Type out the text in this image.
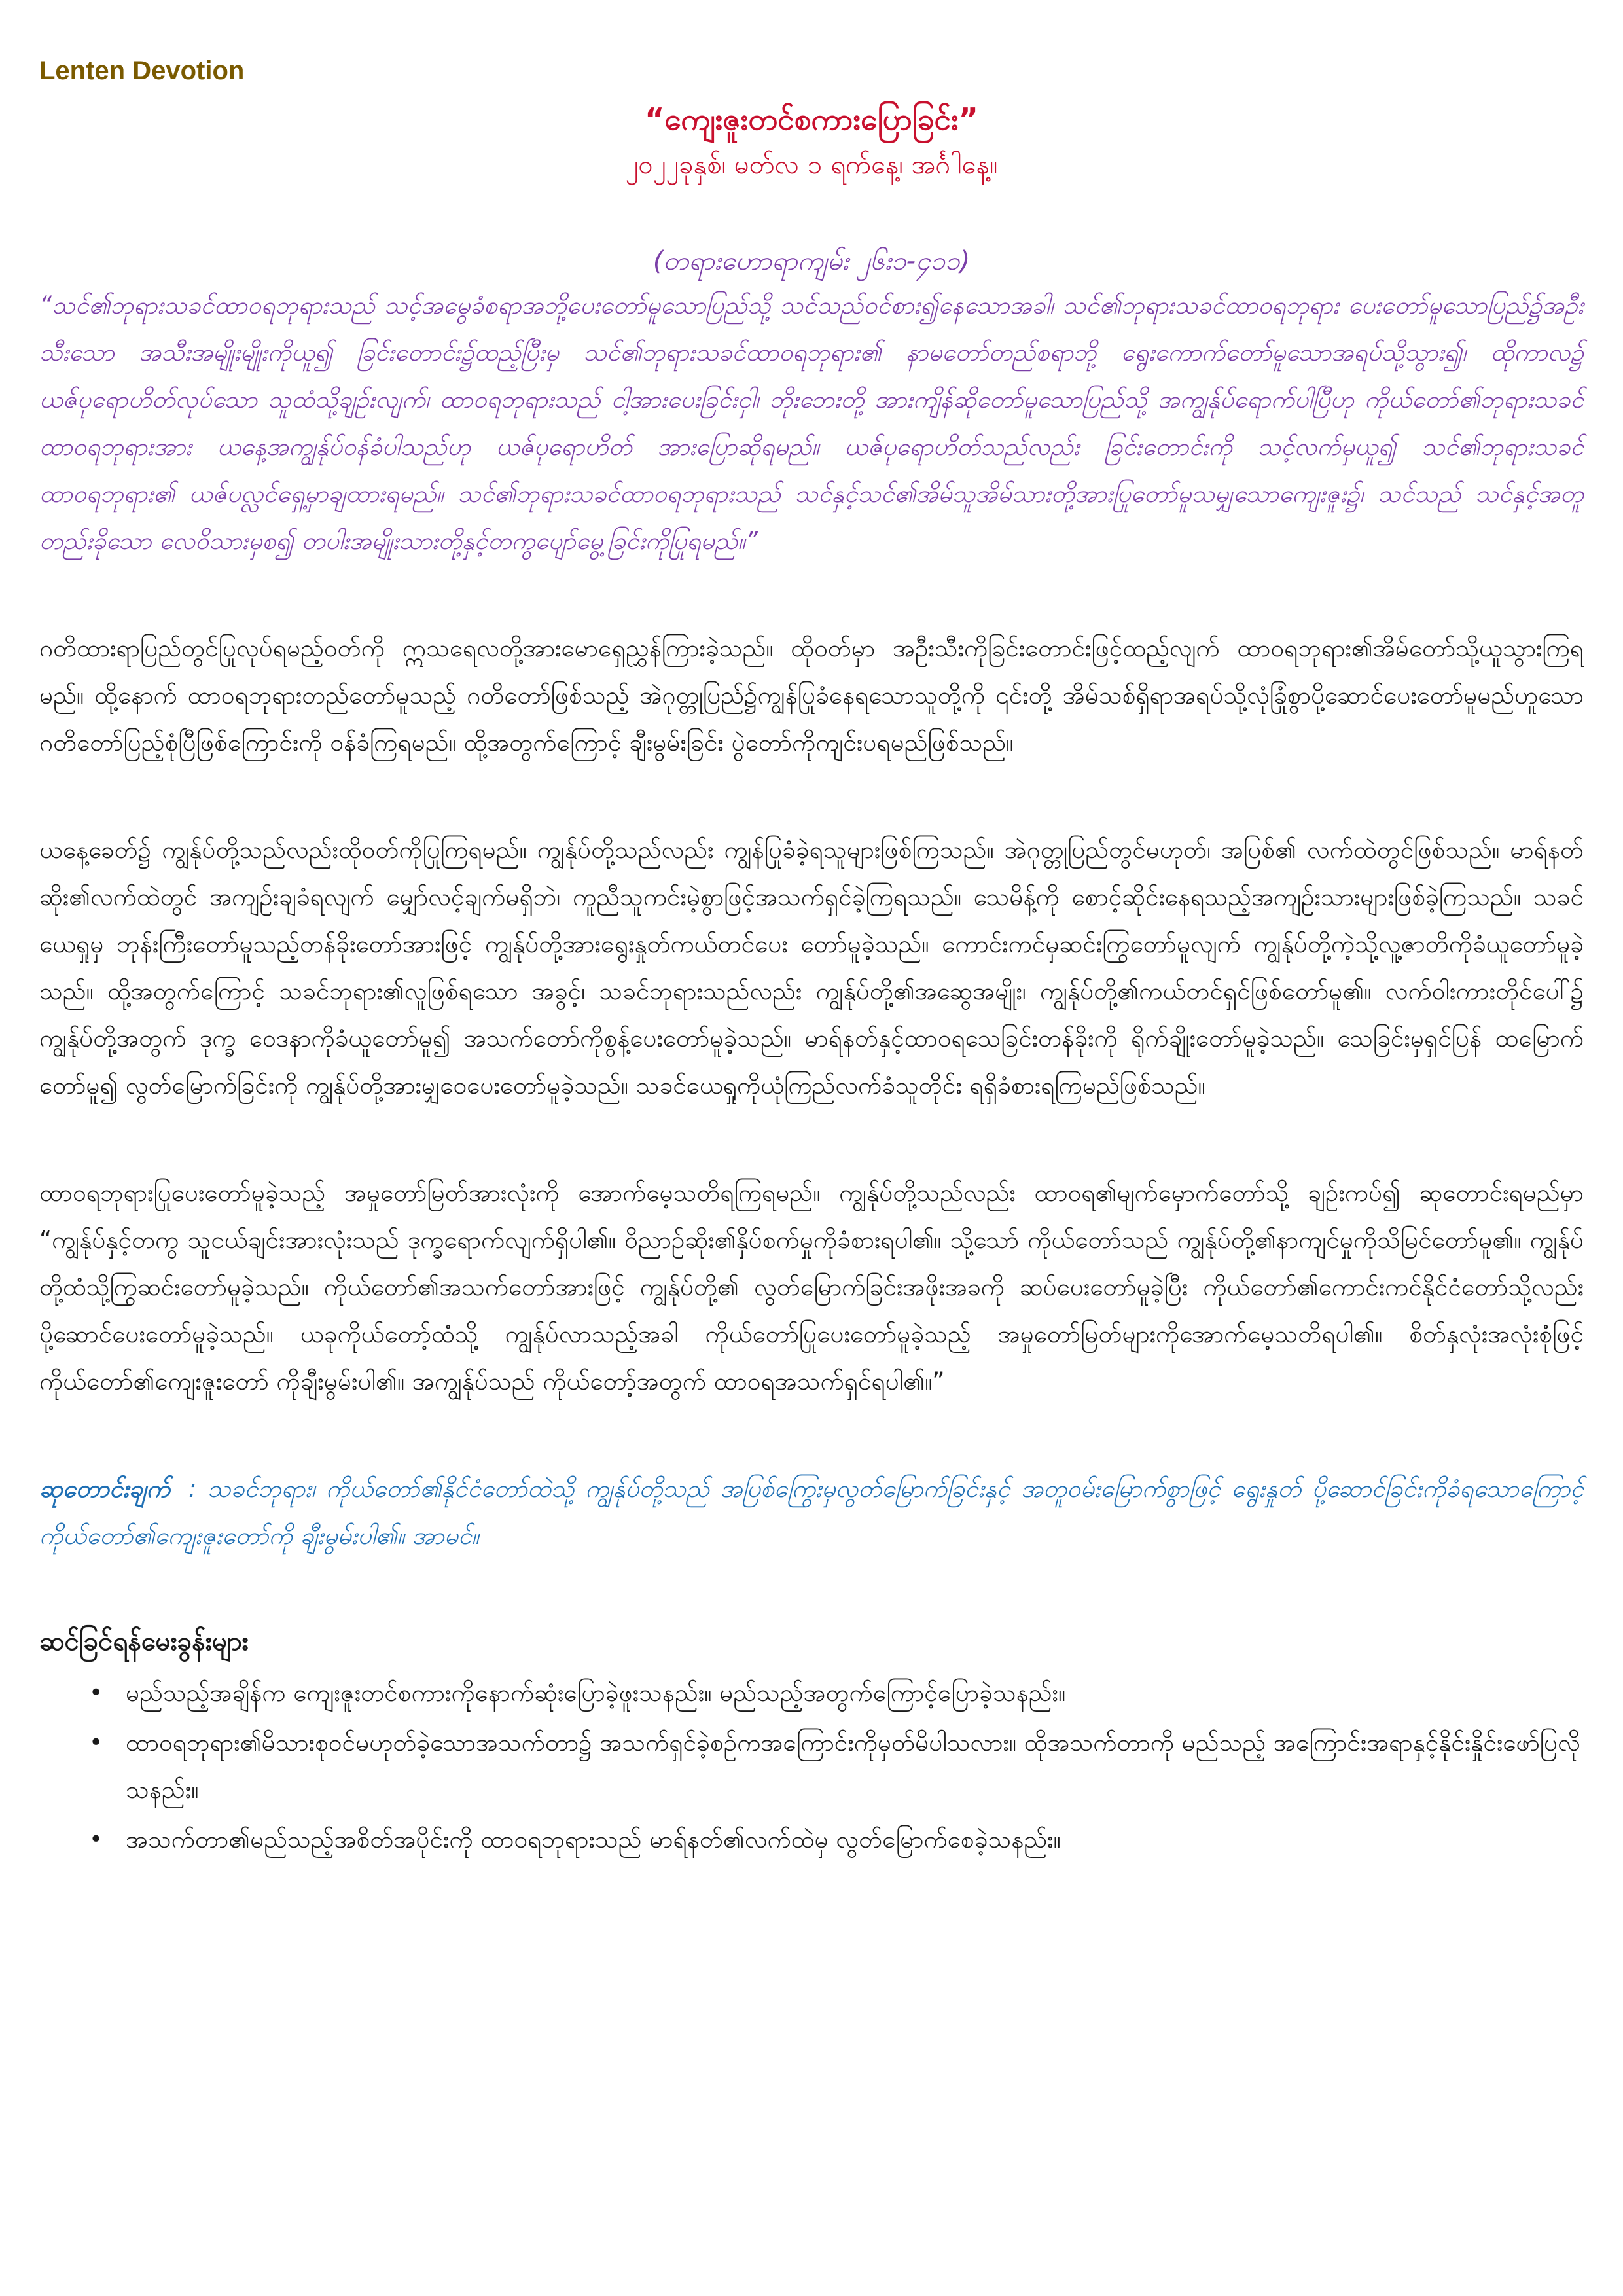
Lenten Devotion
“ကျေးဇူးတင်စကားပြောခြင်း”
၂၀၂၂ခုနှစ်၊ မတ်လ ၁ ရက်နေ့၊ အင်္ဂါနေ့။
(တရားဟောရာကျမ်း ၂၆း၁-၄၁၁)

“သင်၏ဘုရားသခင်ထာဝရဘုရားသည် သင့်အမွေခံစရာအဘို့ပေးတော်မူသောပြည်သို့ သင်သည်ဝင်စား၍နေသောအခါ၊ သင်၏ဘုရားသခင်ထာဝရဘုရား ပေးတော်မူသောပြည်၌အဦးသီးသော အသီးအမျိုးမျိုးကိုယူ၍ ခြင်းတောင်း၌ထည့်ပြီးမှ သင်၏ဘုရားသခင်ထာဝရဘုရား၏ နာမတော်တည်စရာဘို့ ရွေးကောက်တော်မူသောအရပ်သို့သွား၍၊ ထိုကာလ၌ ယဇ်ပုရောဟိတ်လုပ်သော သူထံသို့ချဉ်းလျက်၊ ထာဝရဘုရားသည် ငါ့အားပေးခြင်းငှါ၊ ဘိုးဘေးတို့ အားကျိန်ဆိုတော်မူသောပြည်သို့ အကျွန်ုပ်ရောက်ပါပြီဟု ကိုယ်တော်၏ဘုရားသခင်ထာဝရဘုရားအား ယနေ့အကျွန်ုပ်ဝန်ခံပါသည်ဟု ယဇ်ပုရောဟိတ် အားပြောဆိုရမည်။ ယဇ်ပုရောဟိတ်သည်လည်း ခြင်းတောင်းကို သင့်လက်မှယူ၍ သင်၏ဘုရားသခင်ထာဝရဘုရား၏ ယဇ်ပလ္လင်ရှေ့မှာချထားရမည်။ သင်၏ဘုရားသခင်ထာဝရဘုရားသည် သင်နှင့်သင်၏အိမ်သူအိမ်သားတို့အားပြုတော်မူသမျှသောကျေးဇူး၌၊ သင်သည် သင်နှင့်အတူတည်းခိုသော လေဝိသားမှစ၍ တပါးအမျိုးသားတို့နှင့်တကွပျော်မွေ့ခြင်းကိုပြုရမည်။”

ဂတိထားရာပြည်တွင်ပြုလုပ်ရမည့်ဝတ်ကို ဣသရေလတို့အားမောရှေညွှန်ကြားခဲ့သည်။ ထိုဝတ်မှာ အဦးသီးကိုခြင်းတောင်းဖြင့်ထည့်လျက် ထာဝရဘုရား၏အိမ်တော်သို့ယူသွားကြရမည်။ ထို့နောက် ထာဝရဘုရားတည်တော်မူသည့် ဂတိတော်ဖြစ်သည့် အဲဂုတ္တုပြည်၌ကျွန်ပြုခံနေရသောသူတို့ကို ၎င်းတို့ အိမ်သစ်ရှိရာအရပ်သို့လုံခြုံစွာပို့ဆောင်ပေးတော်မူမည်ဟူသော ဂတိတော်ပြည့်စုံပြီဖြစ်ကြောင်းကို ဝန်ခံကြရမည်။ ထို့အတွက်ကြောင့် ချီးမွမ်းခြင်း ပွဲတော်ကိုကျင်းပရမည်ဖြစ်သည်။

ယနေ့ခေတ်၌ ကျွန်ုပ်တို့သည်လည်းထိုဝတ်ကိုပြုကြရမည်။ ကျွန်ုပ်တို့သည်လည်း ကျွန်ပြုခံခဲ့ရသူများဖြစ်ကြသည်။ အဲဂုတ္တုပြည်တွင်မဟုတ်၊ အပြစ်၏ လက်ထဲတွင်ဖြစ်သည်။ မာရ်နတ်ဆိုး၏လက်ထဲတွင် အကျဉ်းချခံရလျက် မျှော်လင့်ချက်မရှိဘဲ၊ ကူညီသူကင်းမဲ့စွာဖြင့်အသက်ရှင်ခဲ့ကြရသည်။ သေမိန့်ကို စောင့်ဆိုင်းနေရသည့်အကျဉ်းသားများဖြစ်ခဲ့ကြသည်။ သခင်ယေရှုမှ ဘုန်းကြီးတော်မူသည့်တန်ခိုးတော်အားဖြင့် ကျွန်ုပ်တို့အားရွေးနှုတ်ကယ်တင်ပေး တော်မူခဲ့သည်။ ကောင်းကင်မှဆင်းကြွတော်မူလျက် ကျွန်ုပ်တို့ကဲ့သို့လူ့ဇာတိကိုခံယူတော်မူခဲ့သည်။ ထို့အတွက်ကြောင့် သခင်ဘုရား၏လူဖြစ်ရသော အခွင့်၊ သခင်ဘုရားသည်လည်း ကျွန်ုပ်တို့၏အဆွေအမျိုး၊ ကျွန်ုပ်တို့၏ကယ်တင်ရှင်ဖြစ်တော်မူ၏။ လက်ဝါးကားတိုင်ပေါ်၌ ကျွန်ုပ်တို့အတွက် ဒုက္ခ ဝေဒနာကိုခံယူတော်မူ၍ အသက်တော်ကိုစွန့်ပေးတော်မူခဲ့သည်။ မာရ်နတ်နှင့်ထာဝရသေခြင်းတန်ခိုးကို ရိုက်ချိုးတော်မူခဲ့သည်။ သေခြင်းမှရှင်ပြန် ထမြောက်တော်မူ၍ လွတ်မြောက်ခြင်းကို ကျွန်ုပ်တို့အားမျှဝေပေးတော်မူခဲ့သည်။ သခင်ယေရှုကိုယုံကြည်လက်ခံသူတိုင်း ရရှိခံစားရကြမည်ဖြစ်သည်။

ထာဝရဘုရားပြုပေးတော်မူခဲ့သည့် အမှုတော်မြတ်အားလုံးကို အောက်မေ့သတိရကြရမည်။ ကျွန်ုပ်တို့သည်လည်း ထာဝရ၏မျက်မှောက်တော်သို့ ချဉ်းကပ်၍ ဆုတောင်းရမည်မှာ “ကျွန်ုပ်နှင့်တကွ သူငယ်ချင်းအားလုံးသည် ဒုက္ခရောက်လျက်ရှိပါ၏။ ဝိညာဉ်ဆိုး၏နှိပ်စက်မှုကိုခံစားရပါ၏။ သို့သော် ကိုယ်တော်သည် ကျွန်ုပ်တို့၏နာကျင်မှုကိုသိမြင်တော်မူ၏။ ကျွန်ုပ်တို့ထံသို့ကြွဆင်းတော်မူခဲ့သည်။ ကိုယ်တော်၏အသက်တော်အားဖြင့် ကျွန်ုပ်တို့၏ လွတ်မြောက်ခြင်းအဖိုးအခကို ဆပ်ပေးတော်မူခဲ့ပြီး ကိုယ်တော်၏ကောင်းကင်နိုင်ငံတော်သို့လည်း ပို့ဆောင်ပေးတော်မူခဲ့သည်။ ယခုကိုယ်တော့်ထံသို့ ကျွန်ုပ်လာသည့်အခါ ကိုယ်တော်ပြုပေးတော်မူခဲ့သည့် အမှုတော်မြတ်များကိုအောက်မေ့သတိရပါ၏။ စိတ်နှလုံးအလုံးစုံဖြင့် ကိုယ်တော်၏ကျေးဇူးတော် ကိုချီးမွမ်းပါ၏။ အကျွန်ုပ်သည် ကိုယ်တော့်အတွက် ထာဝရအသက်ရှင်ရပါ၏။”

ဆုတောင်းချက် : သခင်ဘုရား၊ ကိုယ်တော်၏နိုင်ငံတော်ထဲသို့ ကျွန်ုပ်တို့သည် အပြစ်ကြွေးမှလွတ်မြောက်ခြင်းနှင့် အတူဝမ်းမြောက်စွာဖြင့် ရွေးနှုတ် ပို့ဆောင်ခြင်းကိုခံရသောကြောင့် ကိုယ်တော်၏ကျေးဇူးတော်ကို ချီးမွမ်းပါ၏။ အာမင်။

ဆင်ခြင်ရန်မေးခွန်းများ
• မည်သည့်အချိန်က ကျေးဇူးတင်စကားကိုနောက်ဆုံးပြောခဲ့ဖူးသနည်း။ မည်သည့်အတွက်ကြောင့်ပြောခဲ့သနည်း။
• ထာဝရဘုရား၏မိသားစုဝင်မဟုတ်ခဲ့သောအသက်တာ၌ အသက်ရှင်ခဲ့စဉ်ကအကြောင်းကိုမှတ်မိပါသလား။ ထိုအသက်တာကို မည်သည့် အကြောင်းအရာနှင့်နိုင်းနှိုင်းဖော်ပြလိုသနည်း။
• အသက်တာ၏မည်သည့်အစိတ်အပိုင်းကို ထာဝရဘုရားသည် မာရ်နတ်၏လက်ထဲမှ လွတ်မြောက်စေခဲ့သနည်း။
